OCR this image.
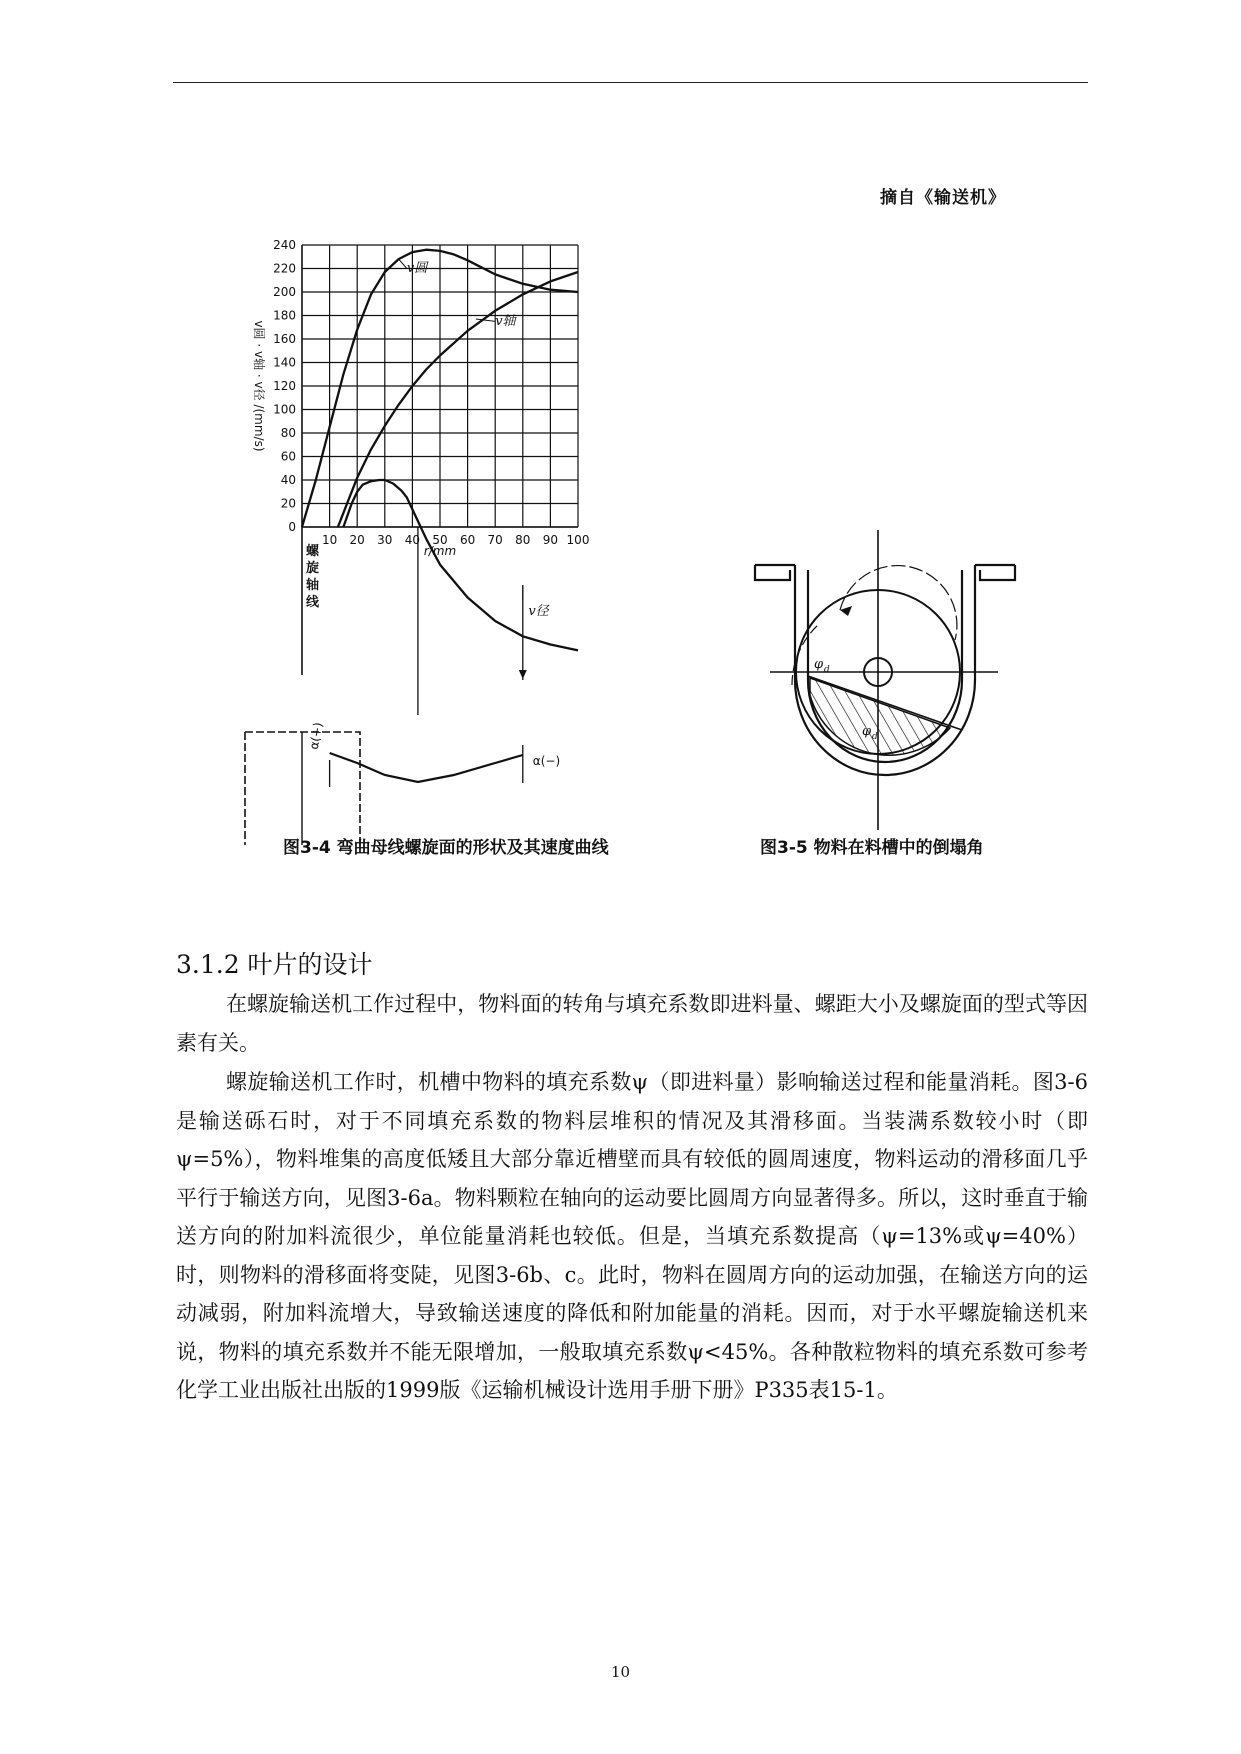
摘自《输送机》
0
20
40
60
80
100
120
140
160
180
200
220
240
10 20 30 40 50 60 70 80 90 100
r/mm
v圆 · v轴 · v径 /(mm/s)
v圆
v轴
v径
螺
旋
轴
线
α(+)
α(−)
图3-4 弯曲母线螺旋面的形状及其速度曲线
φ d
φ d
图3-5 物料在料槽中的倒塌角
3.1.2 叶片的设计

在螺旋输送机工作过程中，物料面的转角与填充系数即进料量、螺距大小及螺旋面的型式等因素有关。

螺旋输送机工作时，机槽中物料的填充系数ψ（即进料量）影响输送过程和能量消耗。图3-6是输送砾石时，对于不同填充系数的物料层堆积的情况及其滑移面。当装满系数较小时（即ψ=5%），物料堆集的高度低矮且大部分靠近槽壁而具有较低的圆周速度，物料运动的滑移面几乎平行于输送方向，见图3-6a。物料颗粒在轴向的运动要比圆周方向显著得多。所以，这时垂直于输送方向的附加料流很少，单位能量消耗也较低。但是，当填充系数提高（ψ=13%或ψ=40%）时，则物料的滑移面将变陡，见图3-6b、c。此时，物料在圆周方向的运动加强，在输送方向的运动减弱，附加料流增大，导致输送速度的降低和附加能量的消耗。因而，对于水平螺旋输送机来说，物料的填充系数并不能无限增加，一般取填充系数ψ<45%。各种散粒物料的填充系数可参考化学工业出版社出版的1999版《运输机械设计选用手册下册》P335表15-1。

10
